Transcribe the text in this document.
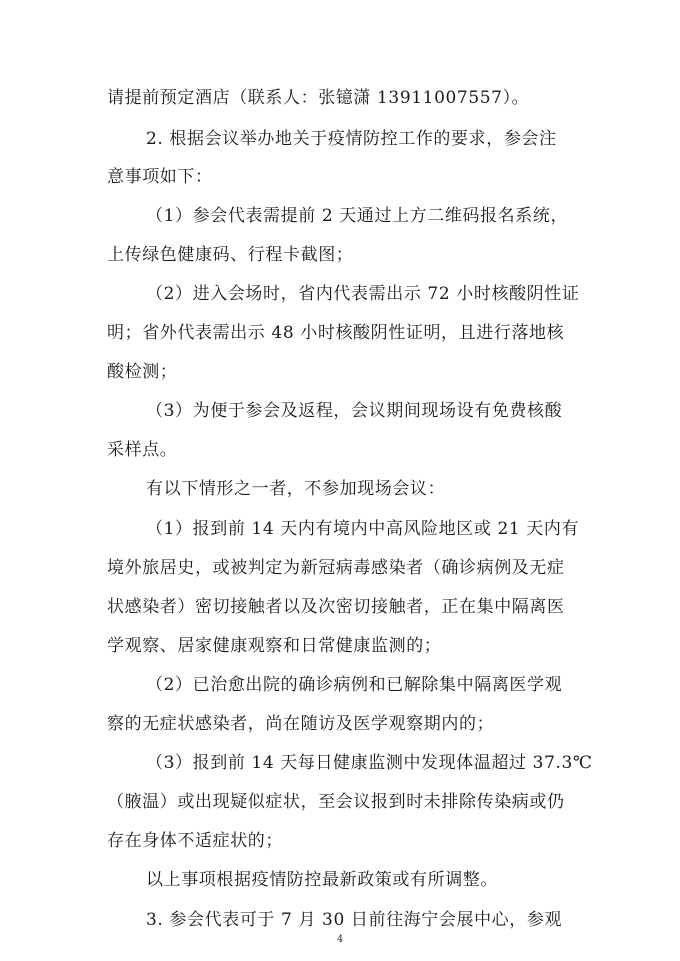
请提前预定酒店（联系人：张镱潇 13911007557）。
2. 根据会议举办地关于疫情防控工作的要求，参会注
意事项如下：
（1）参会代表需提前 2 天通过上方二维码报名系统，
上传绿色健康码、行程卡截图；
（2）进入会场时，省内代表需出示 72 小时核酸阴性证
明；省外代表需出示 48 小时核酸阴性证明，且进行落地核
酸检测；
（3）为便于参会及返程，会议期间现场设有免费核酸
采样点。
有以下情形之一者，不参加现场会议：
（1）报到前 14 天内有境内中高风险地区或 21 天内有
境外旅居史，或被判定为新冠病毒感染者（确诊病例及无症
状感染者）密切接触者以及次密切接触者，正在集中隔离医
学观察、居家健康观察和日常健康监测的；
（2）已治愈出院的确诊病例和已解除集中隔离医学观
察的无症状感染者，尚在随访及医学观察期内的；
（3）报到前 14 天每日健康监测中发现体温超过 37.3℃
（腋温）或出现疑似症状，至会议报到时未排除传染病或仍
存在身体不适症状的；
以上事项根据疫情防控最新政策或有所调整。
3. 参会代表可于 7 月 30 日前往海宁会展中心，参观
4
